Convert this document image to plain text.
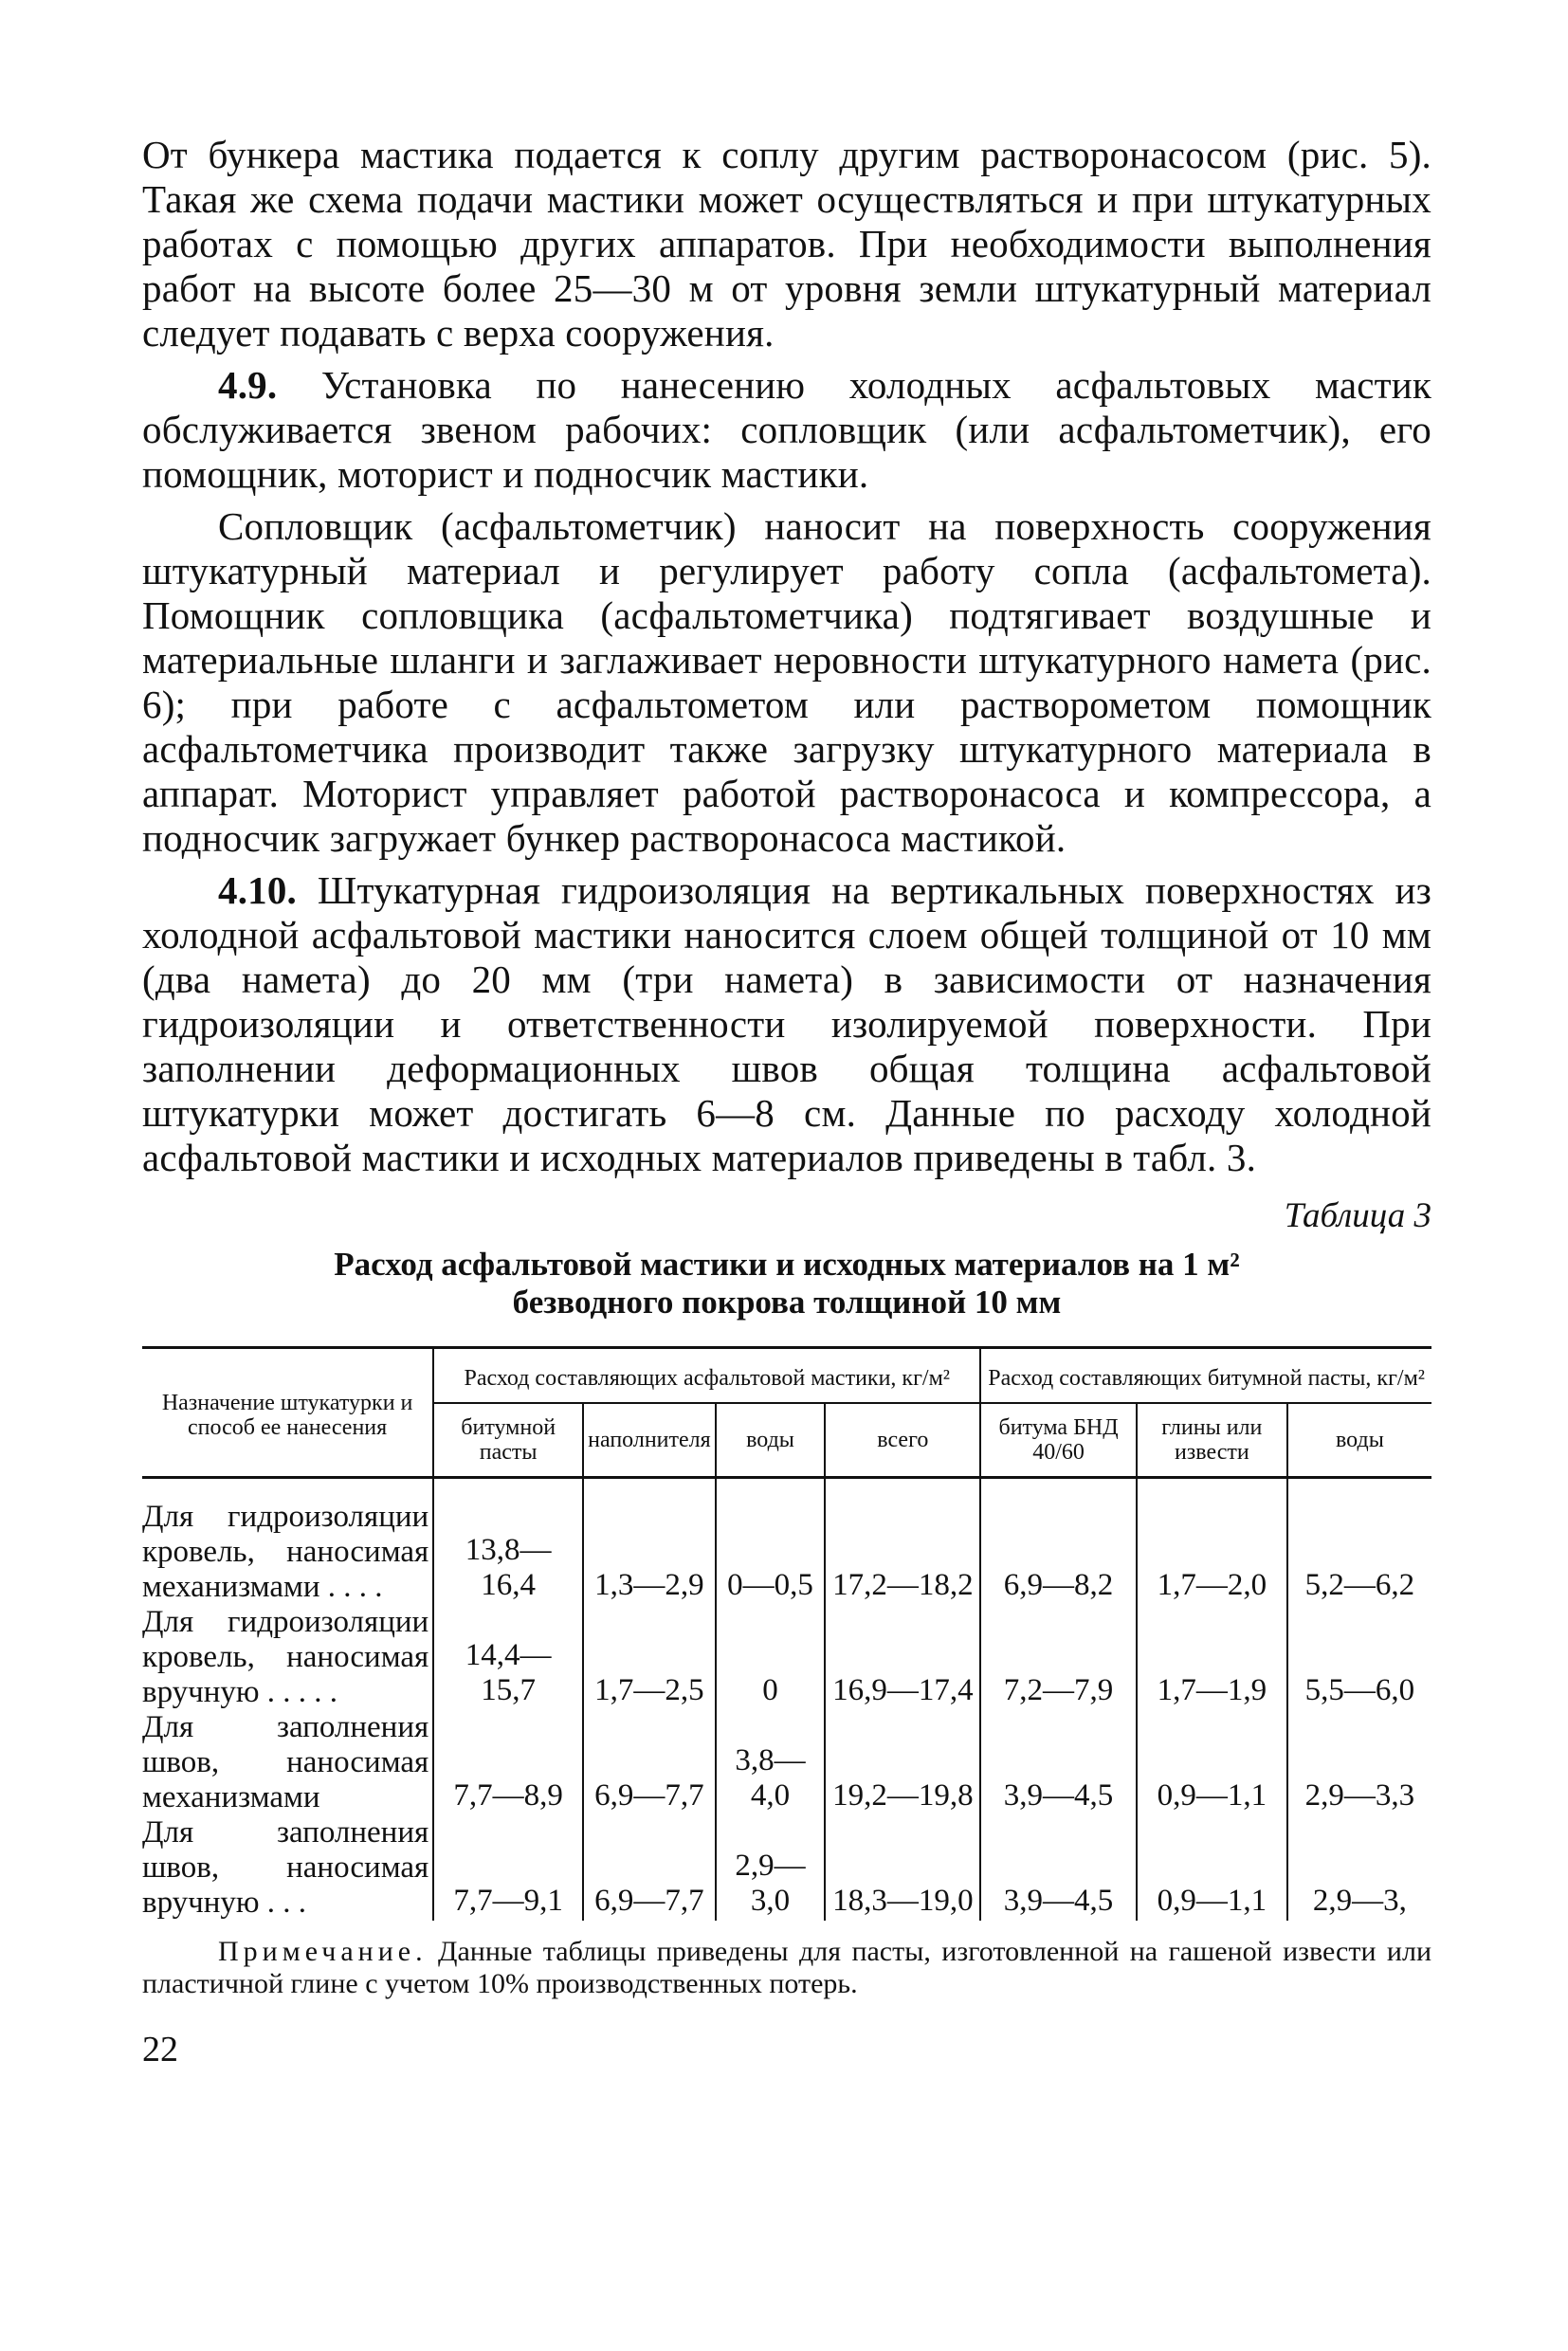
От бункера мастика подается к соплу другим растворонасосом (рис. 5). Такая же схема подачи мастики может осуществляться и при штукатурных работах с помощью других аппаратов. При необходимости выполнения работ на высоте более 25—30 м от уровня земли штукатурный материал следует подавать с верха сооружения.

4.9. Установка по нанесению холодных асфальтовых мастик обслуживается звеном рабочих: сопловщик (или асфальтометчик), его помощник, моторист и подносчик мастики.

Сопловщик (асфальтометчик) наносит на поверхность сооружения штукатурный материал и регулирует работу сопла (асфальтомета). Помощник сопловщика (асфальтометчика) подтягивает воздушные и материальные шланги и заглаживает неровности штукатурного намета (рис. 6); при работе с асфальтометом или растворометом помощник асфальтометчика производит также загрузку штукатурного материала в аппарат. Моторист управляет работой растворонасоса и компрессора, а подносчик загружает бункер растворонасоса мастикой.

4.10. Штукатурная гидроизоляция на вертикальных поверхностях из холодной асфальтовой мастики наносится слоем общей толщиной от 10 мм (два намета) до 20 мм (три намета) в зависимости от назначения гидроизоляции и ответственности изолируемой поверхности. При заполнении деформационных швов общая толщина асфальтовой штукатурки может достигать 6—8 см. Данные по расходу холодной асфальтовой мастики и исходных материалов приведены в табл. 3.

Таблица 3
Расход асфальтовой мастики и исходных материалов на 1 м²
безводного покрова толщиной 10 мм
Назначение штукатурки и способ ее нанесения	Расход составляющих асфальтовой мастики, кг/м²				Расход составляющих битумной пасты, кг/м²		
	битумной пасты	наполнителя	воды	всего	битума БНД 40/60	глины или извести	воды
Для гидроизоляции кровель, наносимая механизмами . . . .	13,8—16,4	1,3—2,9	0—0,5	17,2—18,2	6,9—8,2	1,7—2,0	5,2—6,2
Для гидроизоляции кровель, наносимая вручную . . . . .	14,4—15,7	1,7—2,5	0	16,9—17,4	7,2—7,9	1,7—1,9	5,5—6,0
Для заполнения швов, наносимая механизмами	7,7—8,9	6,9—7,7	3,8—4,0	19,2—19,8	3,9—4,5	0,9—1,1	2,9—3,3
Для заполнения швов, наносимая вручную . . .	7,7—9,1	6,9—7,7	2,9—3,0	18,3—19,0	3,9—4,5	0,9—1,1	2,9—3,

Примечание. Данные таблицы приведены для пасты, изготовленной на гашеной извести или пластичной глине с учетом 10% производственных потерь.

22
